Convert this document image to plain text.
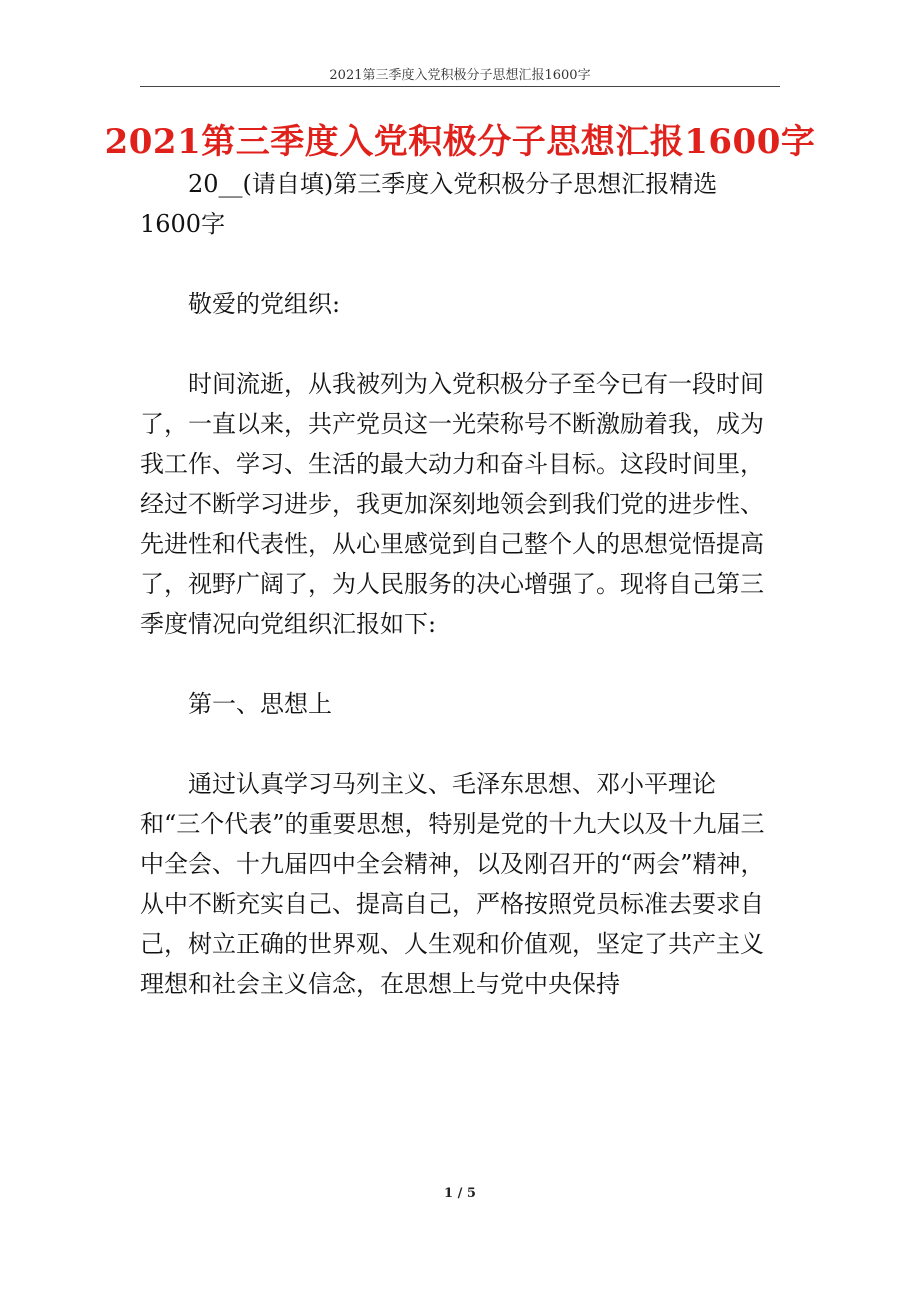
2021第三季度入党积极分子思想汇报1600字
2021第三季度入党积极分子思想汇报1600字

20__(请自填)第三季度入党积极分子思想汇报精选1600字

敬爱的党组织:

时间流逝，从我被列为入党积极分子至今已有一段时间了，一直以来，共产党员这一光荣称号不断激励着我，成为我工作、学习、生活的最大动力和奋斗目标。这段时间里，经过不断学习进步，我更加深刻地领会到我们党的进步性、先进性和代表性，从心里感觉到自己整个人的思想觉悟提高了，视野广阔了，为人民服务的决心增强了。现将自己第三季度情况向党组织汇报如下:

第一、思想上

通过认真学习马列主义、毛泽东思想、邓小平理论和“三个代表”的重要思想，特别是党的十九大以及十九届三中全会、十九届四中全会精神，以及刚召开的“两会”精神，从中不断充实自己、提高自己，严格按照党员标准去要求自己，树立正确的世界观、人生观和价值观，坚定了共产主义理想和社会主义信念，在思想上与党中央保持

1 / 5
